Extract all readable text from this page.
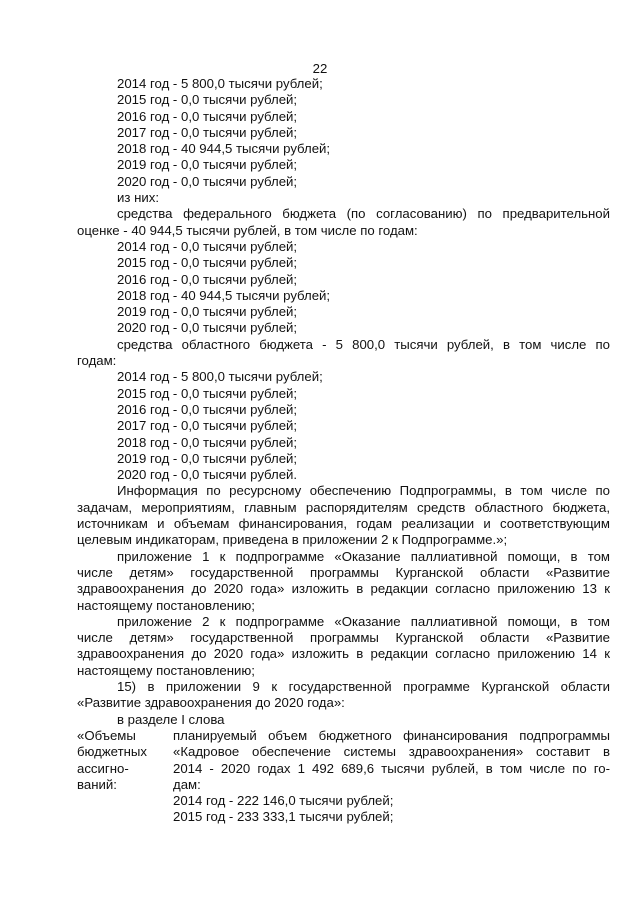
22
2014 год - 5 800,0 тысячи рублей;
2015 год - 0,0 тысячи рублей;
2016 год - 0,0 тысячи рублей;
2017 год - 0,0 тысячи рублей;
2018 год - 40 944,5 тысячи рублей;
2019 год - 0,0 тысячи рублей;
2020 год - 0,0 тысячи рублей;
из них:
средства федерального бюджета (по согласованию) по предварительной
оценке - 40 944,5 тысячи рублей, в том числе по годам:
2014 год - 0,0 тысячи рублей;
2015 год - 0,0 тысячи рублей;
2016 год - 0,0 тысячи рублей;
2018 год - 40 944,5 тысячи рублей;
2019 год - 0,0 тысячи рублей;
2020 год - 0,0 тысячи рублей;
средства областного бюджета - 5 800,0 тысячи рублей, в том числе по
годам:
2014 год - 5 800,0 тысячи рублей;
2015 год - 0,0 тысячи рублей;
2016 год - 0,0 тысячи рублей;
2017 год - 0,0 тысячи рублей;
2018 год - 0,0 тысячи рублей;
2019 год - 0,0 тысячи рублей;
2020 год - 0,0 тысячи рублей.
Информация по ресурсному обеспечению Подпрограммы, в том числе по
задачам, мероприятиям, главным распорядителям средств областного бюджета,
источникам и объемам финансирования, годам реализации и соответствующим
целевым индикаторам, приведена в приложении 2 к Подпрограмме.»;
приложение 1 к подпрограмме «Оказание паллиативной помощи, в том
числе детям» государственной программы Курганской области «Развитие
здравоохранения до 2020 года» изложить в редакции согласно приложению 13 к
настоящему постановлению;
приложение 2 к подпрограмме «Оказание паллиативной помощи, в том
числе детям» государственной программы Курганской области «Развитие
здравоохранения до 2020 года» изложить в редакции согласно приложению 14 к
настоящему постановлению;
15) в приложении 9 к государственной программе Курганской области
«Развитие здравоохранения до 2020 года»:
в разделе I слова
«Объемы	планируемый объем бюджетного финансирования подпрограммы
бюджетных	«Кадровое обеспечение системы здравоохранения» составит в
ассигно-	2014 - 2020 годах 1 492 689,6 тысячи рублей, в том числе по го-
ваний:	дам:
2014 год - 222 146,0 тысячи рублей;
2015 год - 233 333,1 тысячи рублей;
